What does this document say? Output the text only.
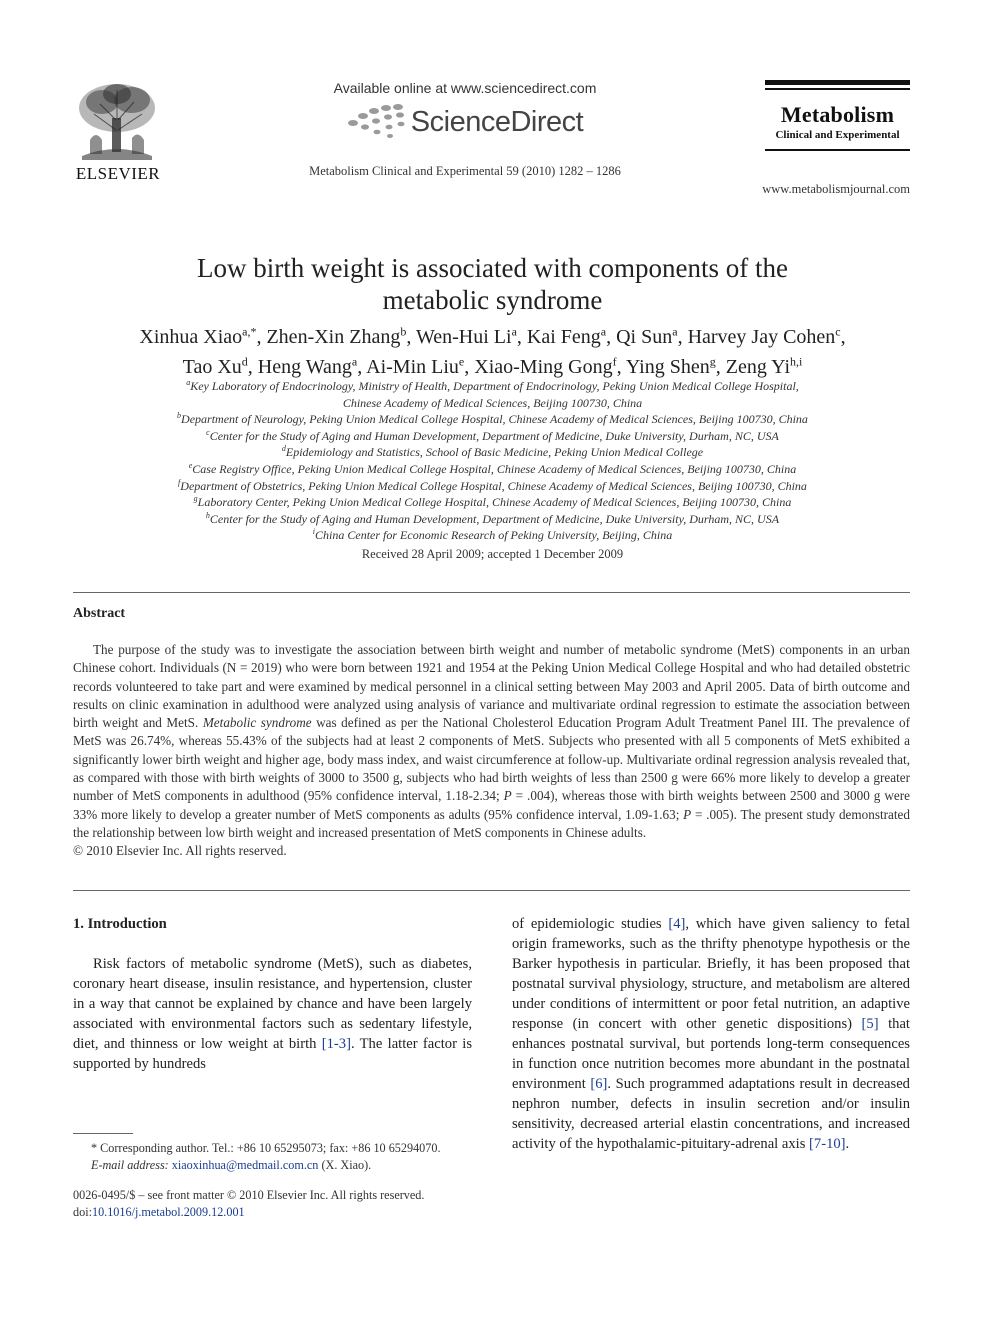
ELSEVIER

Available online at www.sciencedirect.com

ScienceDirect
Metabolism Clinical and Experimental 59 (2010) 1282 – 1286
Metabolism
Clinical and Experimental
www.metabolismjournal.com
Low birth weight is associated with components of the
metabolic syndrome
Xinhua Xiao$^{a,*}$, Zhen-Xin Zhang$^b$, Wen-Hui Li$^a$, Kai Feng$^a$, Qi Sun$^a$, Harvey Jay Cohen$^c$,
Tao Xu$^d$, Heng Wang$^a$, Ai-Min Liu$^e$, Xiao-Ming Gong$^f$, Ying Shen$^g$, Zeng Yi$^{h,i}$
$^a$Key Laboratory of Endocrinology, Ministry of Health, Department of Endocrinology, Peking Union Medical College Hospital,
Chinese Academy of Medical Sciences, Beijing 100730, China
$^b$Department of Neurology, Peking Union Medical College Hospital, Chinese Academy of Medical Sciences, Beijing 100730, China
$^c$Center for the Study of Aging and Human Development, Department of Medicine, Duke University, Durham, NC, USA
$^d$Epidemiology and Statistics, School of Basic Medicine, Peking Union Medical College
$^e$Case Registry Office, Peking Union Medical College Hospital, Chinese Academy of Medical Sciences, Beijing 100730, China
$^f$Department of Obstetrics, Peking Union Medical College Hospital, Chinese Academy of Medical Sciences, Beijing 100730, China
$^g$Laboratory Center, Peking Union Medical College Hospital, Chinese Academy of Medical Sciences, Beijing 100730, China
$^h$Center for the Study of Aging and Human Development, Department of Medicine, Duke University, Durham, NC, USA
$^i$China Center for Economic Research of Peking University, Beijing, China
Received 28 April 2009; accepted 1 December 2009
Abstract

The purpose of the study was to investigate the association between birth weight and number of metabolic syndrome (MetS) components in an urban Chinese cohort. Individuals (N = 2019) who were born between 1921 and 1954 at the Peking Union Medical College Hospital and who had detailed obstetric records volunteered to take part and were examined by medical personnel in a clinical setting between May 2003 and April 2005. Data of birth outcome and results on clinic examination in adulthood were analyzed using analysis of variance and multivariate ordinal regression to estimate the association between birth weight and MetS. Metabolic syndrome was defined as per the National Cholesterol Education Program Adult Treatment Panel III. The prevalence of MetS was 26.74%, whereas 55.43% of the subjects had at least 2 components of MetS. Subjects who presented with all 5 components of MetS exhibited a significantly lower birth weight and higher age, body mass index, and waist circumference at follow-up. Multivariate ordinal regression analysis revealed that, as compared with those with birth weights of 3000 to 3500 g, subjects who had birth weights of less than 2500 g were 66% more likely to develop a greater number of MetS components in adulthood (95% confidence interval, 1.18-2.34; P = .004), whereas those with birth weights between 2500 and 3000 g were 33% more likely to develop a greater number of MetS components as adults (95% confidence interval, 1.09-1.63; P = .005). The present study demonstrated the relationship between low birth weight and increased presentation of MetS components in Chinese adults.
© 2010 Elsevier Inc. All rights reserved.

1. Introduction

Risk factors of metabolic syndrome (MetS), such as diabetes, coronary heart disease, insulin resistance, and hypertension, cluster in a way that cannot be explained by chance and have been largely associated with environmental factors such as sedentary lifestyle, diet, and thinness or low weight at birth [1-3]. The latter factor is supported by hundreds

of epidemiologic studies [4], which have given saliency to fetal origin frameworks, such as the thrifty phenotype hypothesis or the Barker hypothesis in particular. Briefly, it has been proposed that postnatal survival physiology, structure, and metabolism are altered under conditions of intermittent or poor fetal nutrition, an adaptive response (in concert with other genetic dispositions) [5] that enhances postnatal survival, but portends long-term consequences in function once nutrition becomes more abundant in the postnatal environment [6]. Such programmed adaptations result in decreased nephron number, defects in insulin secretion and/or insulin sensitivity, decreased arterial elastin concentrations, and increased activity of the hypothalamic-pituitary-adrenal axis [7-10].

* Corresponding author. Tel.: +86 10 65295073; fax: +86 10 65294070.
E-mail address: xiaoxinhua@medmail.com.cn (X. Xiao).
0026-0495/$ – see front matter © 2010 Elsevier Inc. All rights reserved.
doi:10.1016/j.metabol.2009.12.001
